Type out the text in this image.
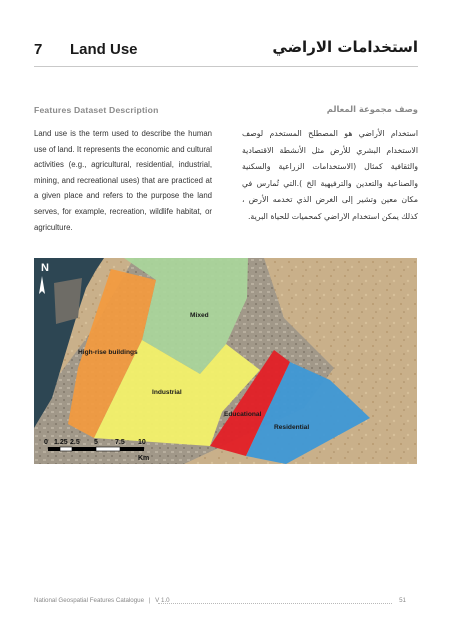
7 Land Use	استخدامات الاراضي
Features Dataset Description	وصف مجموعة المعالم
Land use is the term used to describe the human use of land. It represents the economic and cultural activities (e.g., agricultural, residential, industrial, mining, and recreational uses) that are practiced at a given place and refers to the purpose the land serves, for example, recreation, wildlife habitat, or agriculture.
استخدام الأراضي هو المصطلح المستخدم لوصف الاستخدام البشري للأرض مثل الأنشطة الاقتصادية والثقافية كمثال (الاستخدامات الزراعية والسكنية والصناعية والتعدين والترفيهية الخ ).التي تُمارس في مكان معين وتشير إلى الغرض الذي تخدمه الأرض ، كذلك يمكن استخدام الاراضي كمحميات للحياة البرية.
Mixed
High-rise buildings
Industrial
Educational
Residential
N
0 1.25 2.5 5 7.5 10
Km
National Geospatial Features Catalogue | V 1.0	51
